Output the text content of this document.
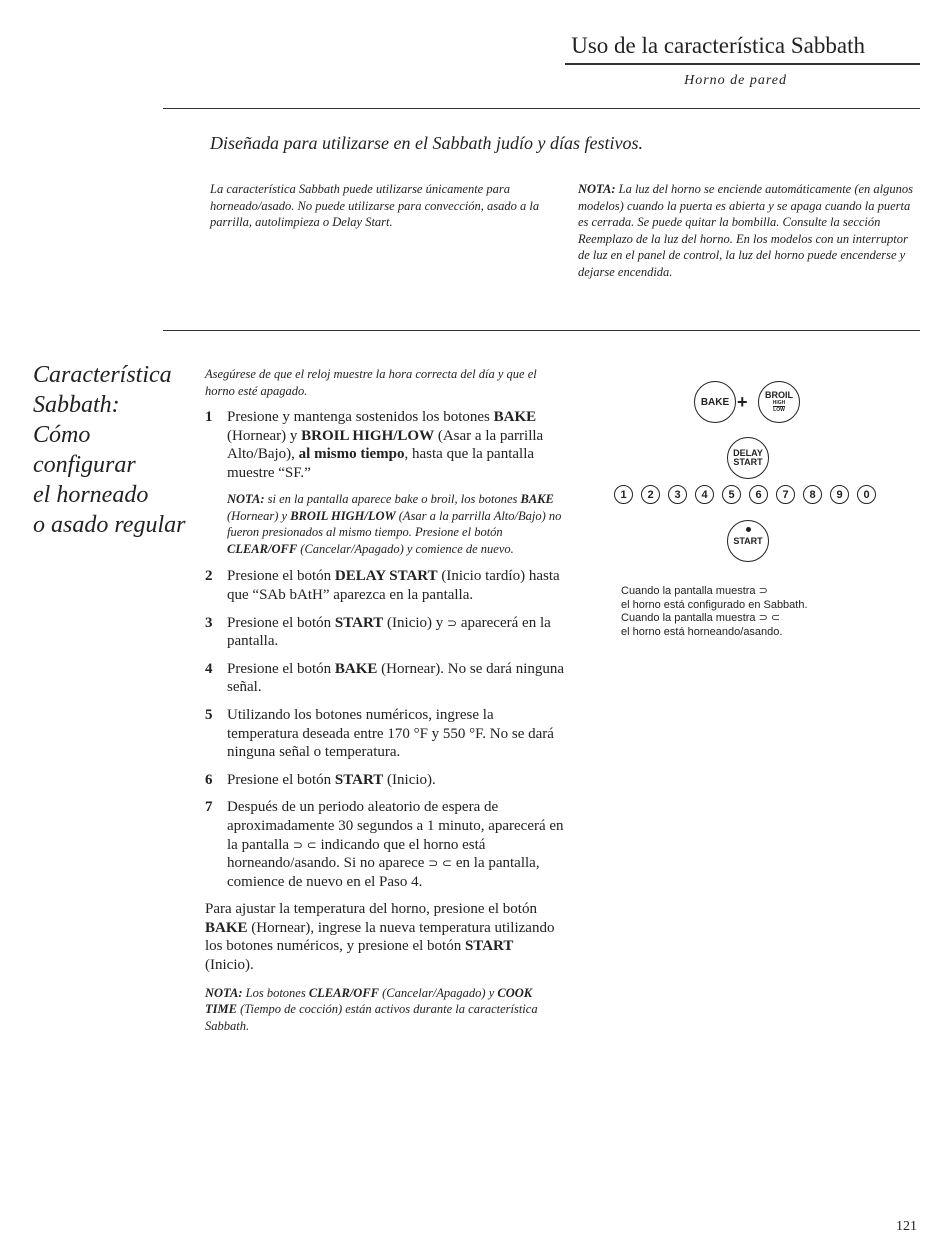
Uso de la característica Sabbath
Horno de pared
Diseñada para utilizarse en el Sabbath judío y días festivos.

La característica Sabbath puede utilizarse únicamente para horneado/asado. No puede utilizarse para convección, asado a la parrilla, autolimpieza o Delay Start.

NOTA: La luz del horno se enciende automáticamente (en algunos modelos) cuando la puerta es abierta y se apaga cuando la puerta es cerrada. Se puede quitar la bombilla. Consulte la sección Reemplazo de la luz del horno. En los modelos con un interruptor de luz en el panel de control, la luz del horno puede encenderse y dejarse encendida.

Característica
Sabbath:
Cómo
configurar
el horneado
o asado regular

Asegúrese de que el reloj muestre la hora correcta del día y que el horno esté apagado.

1 Presione y mantenga sostenidos los botones BAKE (Hornear) y BROIL HIGH/LOW (Asar a la parrilla Alto/Bajo), al mismo tiempo, hasta que la pantalla muestre “SF.”

NOTA: si en la pantalla aparece bake o broil, los botones BAKE (Hornear) y BROIL HIGH/LOW (Asar a la parrilla Alto/Bajo) no fueron presionados al mismo tiempo. Presione el botón CLEAR/OFF (Cancelar/Apagado) y comience de nuevo.

2 Presione el botón DELAY START (Inicio tardío) hasta que “SAb bAtH” aparezca en la pantalla.
3 Presione el botón START (Inicio) y ⊃ aparecerá en la pantalla.
4 Presione el botón BAKE (Hornear). No se dará ninguna señal.
5 Utilizando los botones numéricos, ingrese la temperatura deseada entre 170 °F y 550 °F. No se dará ninguna señal o temperatura.
6 Presione el botón START (Inicio).
7 Después de un periodo aleatorio de espera de aproximadamente 30 segundos a 1 minuto, aparecerá en la pantalla ⊃ ⊂ indicando que el horno está horneando/asando. Si no aparece ⊃ ⊂ en la pantalla, comience de nuevo en el Paso 4.

Para ajustar la temperatura del horno, presione el botón BAKE (Hornear), ingrese la nueva temperatura utilizando los botones numéricos, y presione el botón START (Inicio).

NOTA: Los botones CLEAR/OFF (Cancelar/Apagado) y COOK TIME (Tiempo de cocción) están activos durante la característica Sabbath.

BAKE + BROIL
HIGH
LOW
DELAY
START
1	2	3	4	5	6	7	8	9	0
START
Cuando la pantalla muestra ⊃
el horno está configurado en Sabbath.
Cuando la pantalla muestra ⊃ ⊂
el horno está horneando/asando.
121
